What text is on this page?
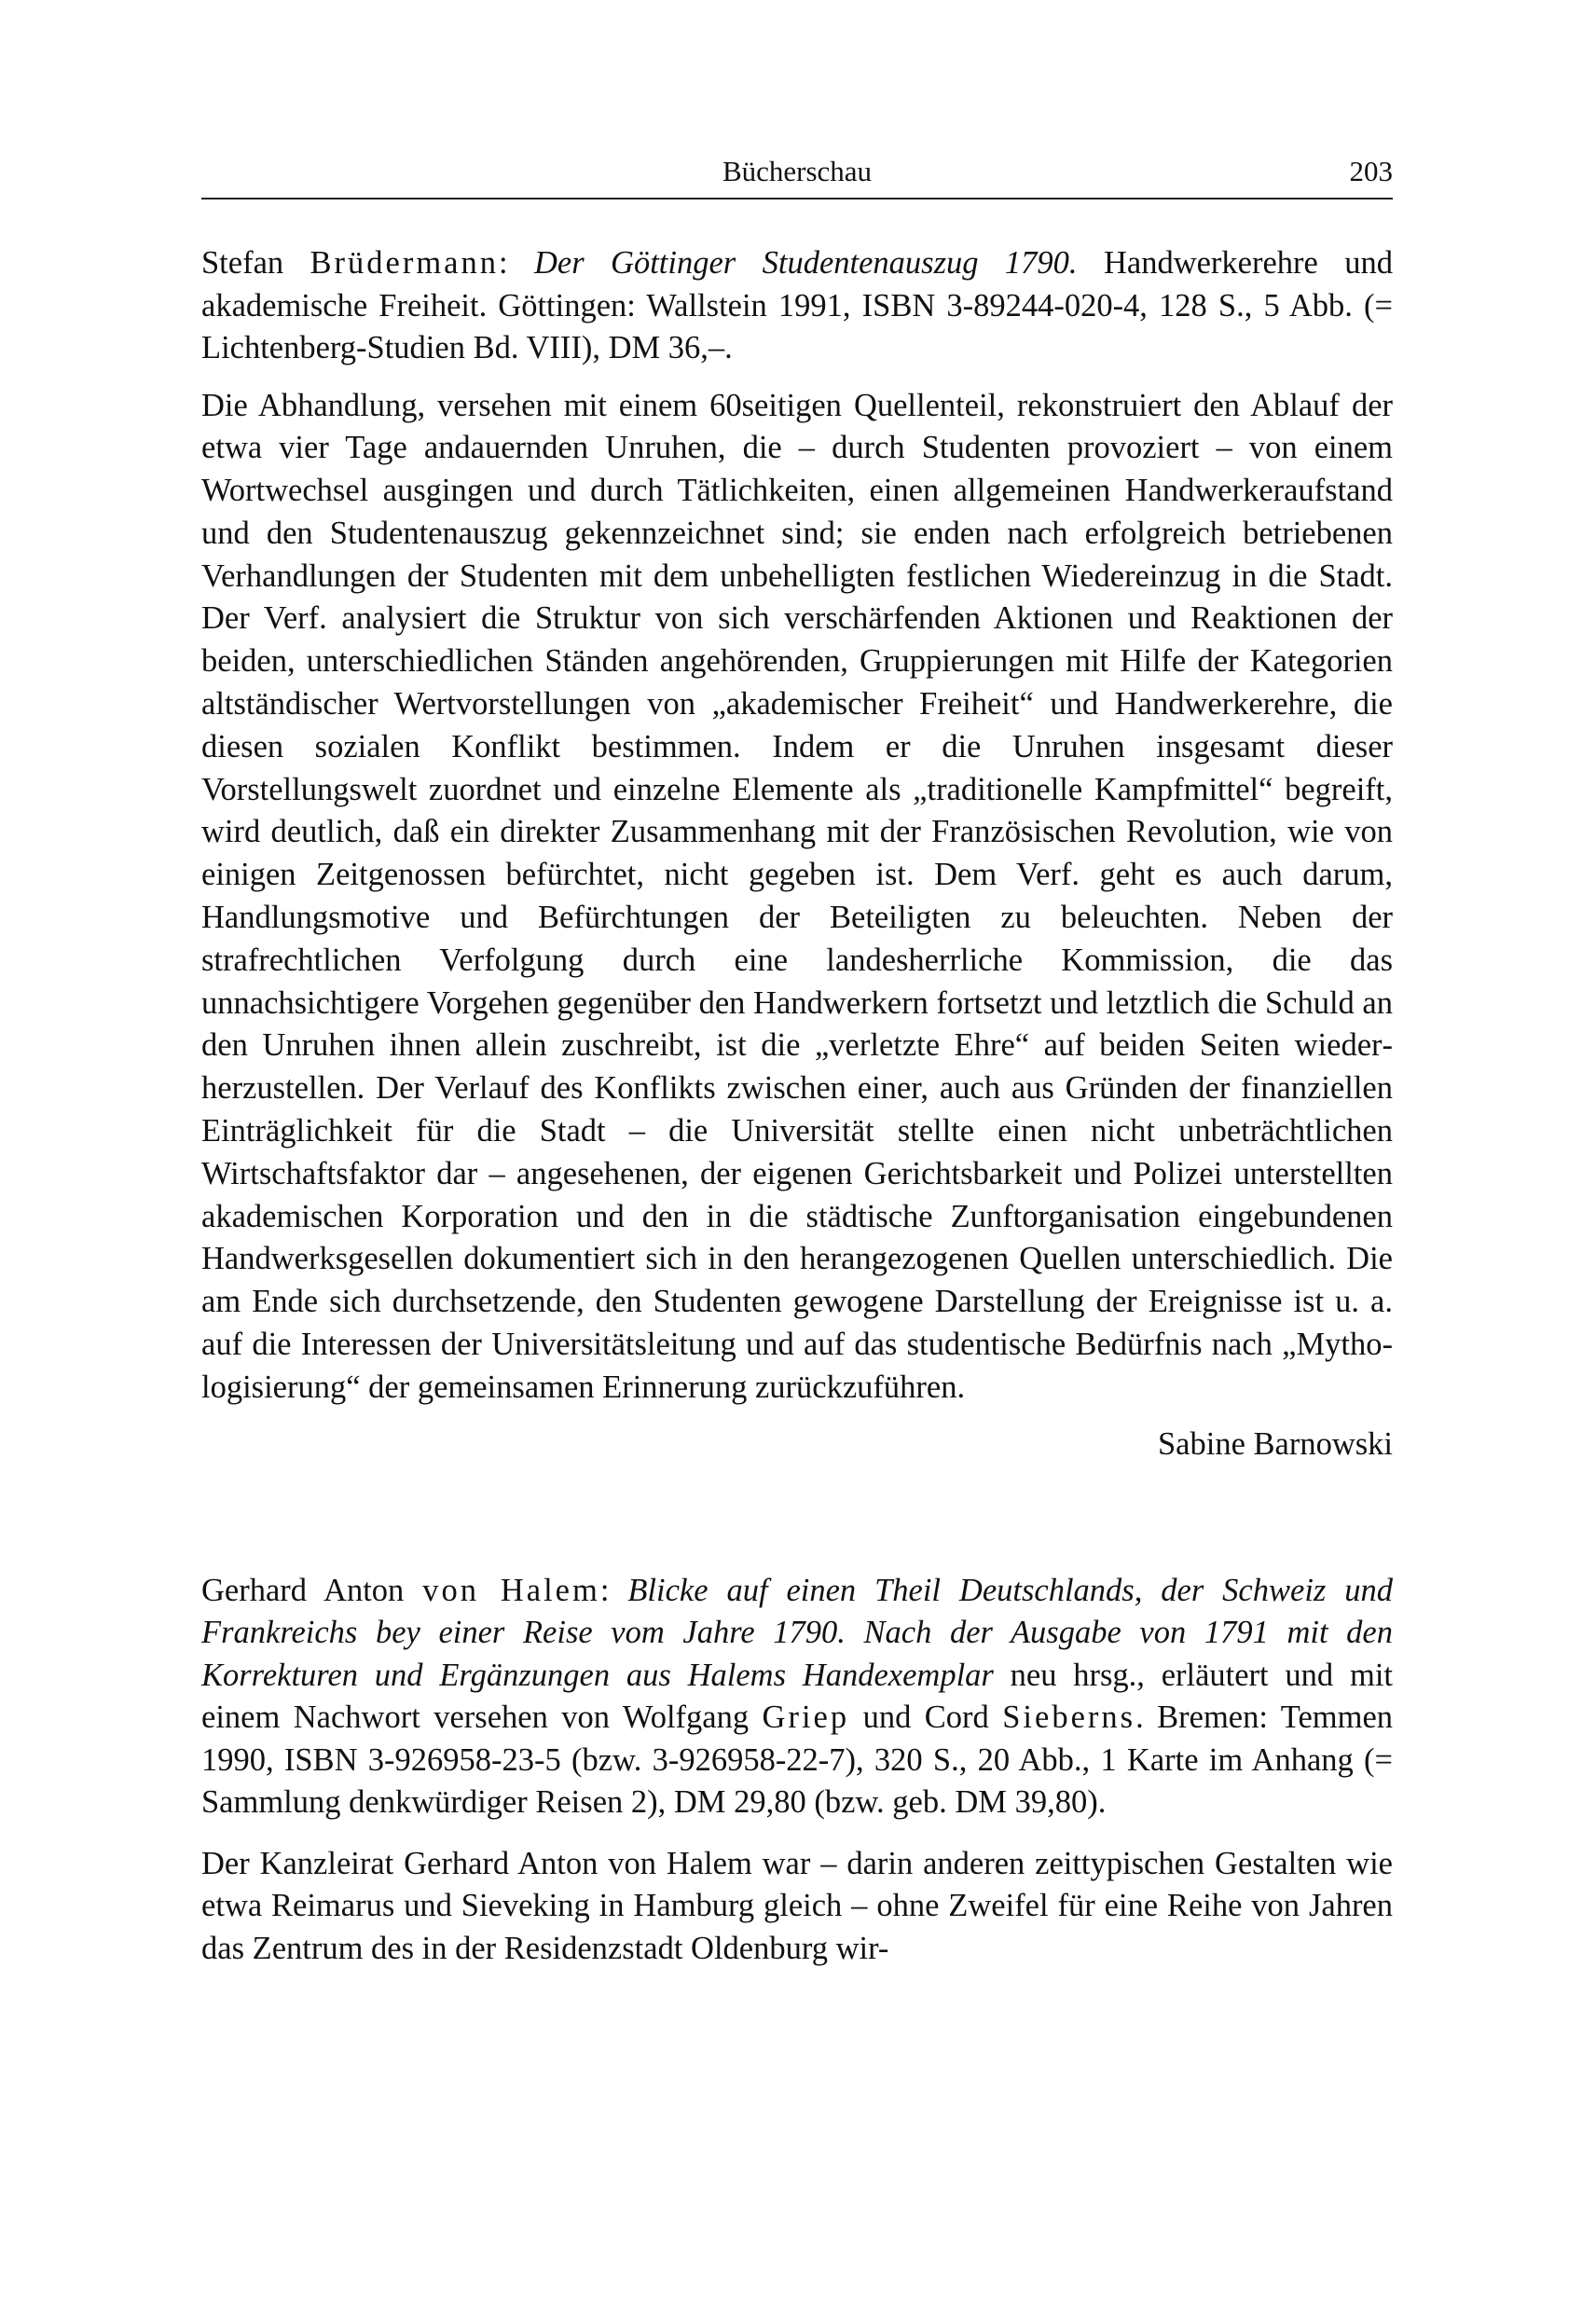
Bücherschau	203

Stefan Brüdermann: Der Göttinger Studentenauszug 1790. Handwerkerehre und akademische Freiheit. Göttingen: Wallstein 1991, ISBN 3-89244-020-4, 128 S., 5 Abb. (= Lichtenberg-Studien Bd. VIII), DM 36,–.

Die Abhandlung, versehen mit einem 60seitigen Quellenteil, rekonstruiert den Ablauf der etwa vier Tage andauernden Unruhen, die – durch Studenten provoziert – von einem Wortwechsel ausgingen und durch Tätlichkeiten, einen allgemeinen Handwerkeraufstand und den Studentenauszug gekennzeichnet sind; sie enden nach erfolgreich betriebenen Verhandlungen der Studenten mit dem unbehelligten festlichen Wiedereinzug in die Stadt. Der Verf. analysiert die Struktur von sich verschärfenden Aktionen und Reaktionen der beiden, unterschiedlichen Ständen angehörenden, Gruppierungen mit Hilfe der Kategorien altständischer Wertvorstellungen von „akademischer Freiheit“ und Handwerkerehre, die diesen sozialen Konflikt bestimmen. Indem er die Unruhen insgesamt dieser Vorstellungswelt zuordnet und einzelne Elemente als „traditionelle Kampfmittel“ begreift, wird deutlich, daß ein direkter Zusammenhang mit der Französischen Revolution, wie von einigen Zeitgenossen befürchtet, nicht gegeben ist. Dem Verf. geht es auch darum, Handlungsmotive und Befürchtungen der Beteiligten zu beleuchten. Neben der strafrechtlichen Verfolgung durch eine landesherrliche Kommission, die das unnachsichtigere Vorgehen gegenüber den Handwerkern fortsetzt und letztlich die Schuld an den Unruhen ihnen allein zuschreibt, ist die „verletzte Ehre“ auf beiden Seiten wiederherzustellen. Der Verlauf des Konflikts zwischen einer, auch aus Gründen der finanziellen Einträglichkeit für die Stadt – die Universität stellte einen nicht unbeträchtlichen Wirtschaftsfaktor dar – angesehenen, der eigenen Gerichtsbarkeit und Polizei unterstellten akademischen Korporation und den in die städtische Zunftorganisation eingebundenen Handwerksgesellen dokumentiert sich in den herangezogenen Quellen unterschiedlich. Die am Ende sich durchsetzende, den Studenten gewogene Darstellung der Ereignisse ist u. a. auf die Interessen der Universitätsleitung und auf das studentische Bedürfnis nach „Mythologisierung“ der gemeinsamen Erinnerung zurückzuführen.

Sabine Barnowski

Gerhard Anton von Halem: Blicke auf einen Theil Deutschlands, der Schweiz und Frankreichs bey einer Reise vom Jahre 1790. Nach der Ausgabe von 1791 mit den Korrekturen und Ergänzungen aus Halems Handexemplar neu hrsg., erläutert und mit einem Nachwort versehen von Wolfgang Griep und Cord Sieberns. Bremen: Temmen 1990, ISBN 3-926958-23-5 (bzw. 3-926958-22-7), 320 S., 20 Abb., 1 Karte im Anhang (= Sammlung denkwürdiger Reisen 2), DM 29,80 (bzw. geb. DM 39,80).

Der Kanzleirat Gerhard Anton von Halem war – darin anderen zeittypischen Gestalten wie etwa Reimarus und Sieveking in Hamburg gleich – ohne Zweifel für eine Reihe von Jahren das Zentrum des in der Residenzstadt Oldenburg wir-
